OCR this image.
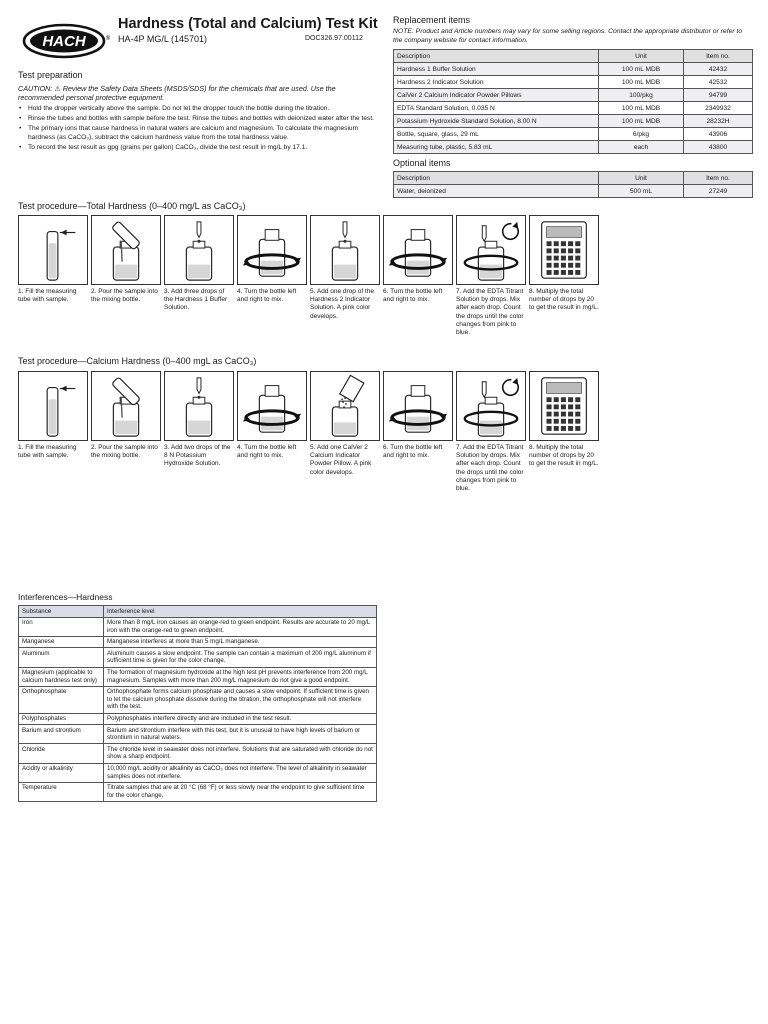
HACH	®
Hardness (Total and Calcium) Test Kit
HA-4P MG/L (145701)	DOC326.97.00112
Test preparation
CAUTION: ⚠ Review the Safety Data Sheets (MSDS/SDS) for the chemicals that are used. Use the recommended personal protective equipment.
• Hold the dropper vertically above the sample. Do not let the dropper touch the bottle during the titration.
• Rinse the tubes and bottles with sample before the test. Rinse the tubes and bottles with deionized water after the test.
• The primary ions that cause hardness in natural waters are calcium and magnesium. To calculate the magnesium hardness (as CaCO₃), subtract the calcium hardness value from the total hardness value.
• To record the test result as gpg (grains per gallon) CaCO₃, divide the test result in mg/L by 17.1.
Replacement items
NOTE: Product and Article numbers may vary for some selling regions. Contact the appropriate distributor or refer to the company website for contact information.
Description	Unit	Item no.
Hardness 1 Buffer Solution	100 mL MDB	42432
Hardness 2 Indicator Solution	100 mL MDB	42532
CalVer 2 Calcium Indicator Powder Pillows	100/pkg	94799
EDTA Standard Solution, 0.035 N	100 mL MDB	2349932
Potassium Hydroxide Standard Solution, 8.00 N	100 mL MDB	28232H
Bottle, square, glass, 29 mL	6/pkg	43906
Measuring tube, plastic, 5.83 mL	each	43800
Optional items
Description	Unit	Item no.
Water, deionized	500 mL	27249
Test procedure—Total Hardness (0–400 mg/L as CaCO₃)
Test procedure—Calcium Hardness (0–400 mgL as CaCO₃)
1. Fill the measuring tube with sample.
2. Pour the sample into the mixing bottle.
3. Add three drops of the Hardness 1 Buffer Solution.
4. Turn the bottle left and right to mix.
5. Add one drop of the Hardness 2 Indicator Solution. A pink color develops.
6. Turn the bottle left and right to mix.
7. Add the EDTA Titrant Solution by drops. Mix after each drop. Count the drops until the color changes from pink to blue.
8. Multiply the total number of drops by 20 to get the result in mg/L.
1. Fill the measuring tube with sample.
2. Pour the sample into the mixing bottle.
3. Add two drops of the 8 N Potassium Hydroxide Solution.
4. Turn the bottle left and right to mix.
5. Add one CalVer 2 Calcium Indicator Powder Pillow. A pink color develops.
6. Turn the bottle left and right to mix.
7. Add the EDTA Titrant Solution by drops. Mix after each drop. Count the drops until the color changes from pink to blue.
8. Multiply the total number of drops by 20 to get the result in mg/L.
Interferences—Hardness
Substance	Interference level
Iron	More than 8 mg/L iron causes an orange-red to green endpoint. Results are accurate to 20 mg/L iron with the orange-red to green endpoint.
Manganese	Manganese interferes at more than 5 mg/L manganese.
Aluminum	Aluminum causes a slow endpoint. The sample can contain a maximum of 200 mg/L aluminum if sufficient time is given for the color change.
Magnesium (applicable to calcium hardness test only)	The formation of magnesium hydroxide at the high test pH prevents interference from 200 mg/L magnesium. Samples with more than 200 mg/L magnesium do not give a good endpoint.
Orthophosphate	Orthophosphate forms calcium phosphate and causes a slow endpoint. If sufficient time is given to let the calcium phosphate dissolve during the titration, the orthophosphate will not interfere with the test.
Polyphosphates	Polyphosphates interfere directly and are included in the test result.
Barium and strontium	Barium and strontium interfere with this test, but it is unusual to have high levels of barium or strontium in natural waters.
Chloride	The chloride level in seawater does not interfere. Solutions that are saturated with chloride do not show a sharp endpoint.
Acidity or alkalinity	10,000 mg/L acidity or alkalinity as CaCO₃ does not interfere. The level of alkalinity in seawater samples does not interfere.
Temperature	Titrate samples that are at 20 °C (68 °F) or less slowly near the endpoint to give sufficient time for the color change.
